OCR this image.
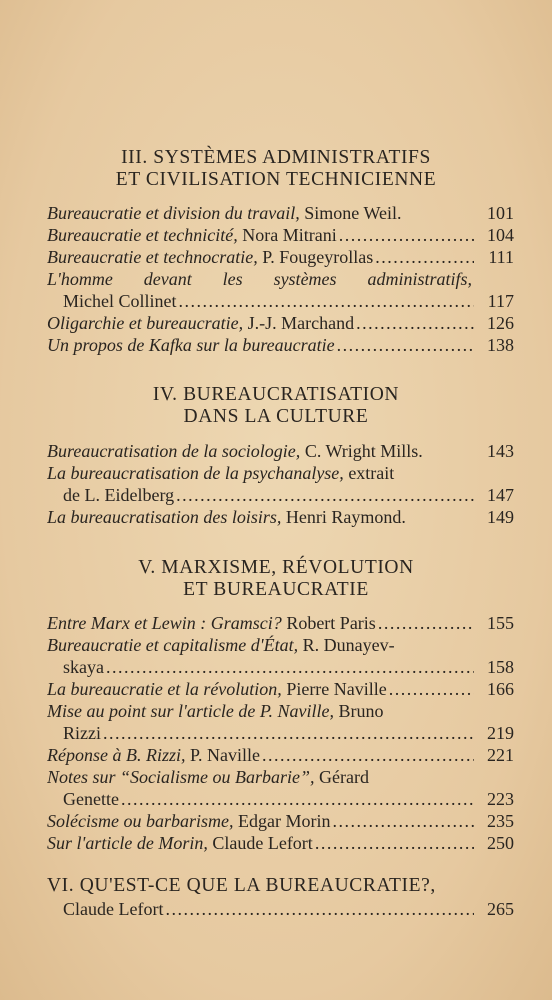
III. SYSTÈMES ADMINISTRATIFS
ET CIVILISATION TECHNICIENNE
Bureaucratie et division du travail, Simone Weil.	101
Bureaucratie et technicité, Nora Mitrani . . .	104
Bureaucratie et technocratie, P. Fougeyrollas . . .	111
L'homme devant les systèmes administratifs,
Michel Collinet . . .	117
Oligarchie et bureaucratie, J.-J. Marchand . . .	126
Un propos de Kafka sur la bureaucratie . . .	138
IV. BUREAUCRATISATION
DANS LA CULTURE
Bureaucratisation de la sociologie, C. Wright Mills.	143
La bureaucratisation de la psychanalyse, extrait
de L. Eidelberg . . .	147
La bureaucratisation des loisirs, Henri Raymond.	149
V. MARXISME, RÉVOLUTION
ET BUREAUCRATIE
Entre Marx et Lewin : Gramsci? Robert Paris . . .	155
Bureaucratie et capitalisme d'État, R. Dunayev-
skaya . . .	158
La bureaucratie et la révolution, Pierre Naville . . .	166
Mise au point sur l'article de P. Naville, Bruno
Rizzi . . .	219
Réponse à B. Rizzi, P. Naville . . .	221
Notes sur “Socialisme ou Barbarie”, Gérard
Genette . . .	223
Solécisme ou barbarisme, Edgar Morin . . .	235
Sur l'article de Morin, Claude Lefort . . .	250
VI. QU'EST-CE QUE LA BUREAUCRATIE?,
Claude Lefort . . .	265
